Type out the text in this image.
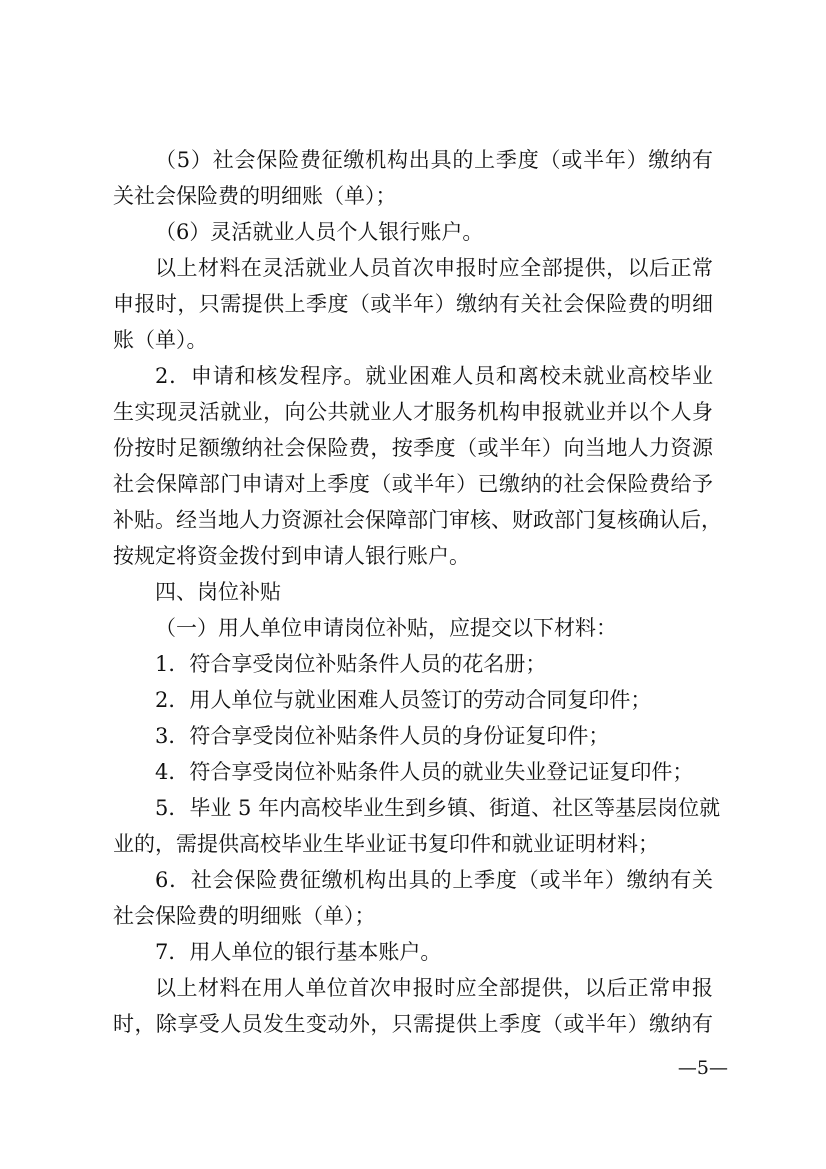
（5）社会保险费征缴机构出具的上季度（或半年）缴纳有
关社会保险费的明细账（单）；
（6）灵活就业人员个人银行账户。
以上材料在灵活就业人员首次申报时应全部提供，以后正常
申报时，只需提供上季度（或半年）缴纳有关社会保险费的明细
账（单）。
2．申请和核发程序。就业困难人员和离校未就业高校毕业
生实现灵活就业，向公共就业人才服务机构申报就业并以个人身
份按时足额缴纳社会保险费，按季度（或半年）向当地人力资源
社会保障部门申请对上季度（或半年）已缴纳的社会保险费给予
补贴。经当地人力资源社会保障部门审核、财政部门复核确认后，
按规定将资金拨付到申请人银行账户。
四、岗位补贴
（一）用人单位申请岗位补贴，应提交以下材料：
1．符合享受岗位补贴条件人员的花名册；
2．用人单位与就业困难人员签订的劳动合同复印件；
3．符合享受岗位补贴条件人员的身份证复印件；
4．符合享受岗位补贴条件人员的就业失业登记证复印件；
5．毕业 5 年内高校毕业生到乡镇、街道、社区等基层岗位就
业的，需提供高校毕业生毕业证书复印件和就业证明材料；
6．社会保险费征缴机构出具的上季度（或半年）缴纳有关
社会保险费的明细账（单）；
7．用人单位的银行基本账户。
以上材料在用人单位首次申报时应全部提供，以后正常申报
时，除享受人员发生变动外，只需提供上季度（或半年）缴纳有
—5—
